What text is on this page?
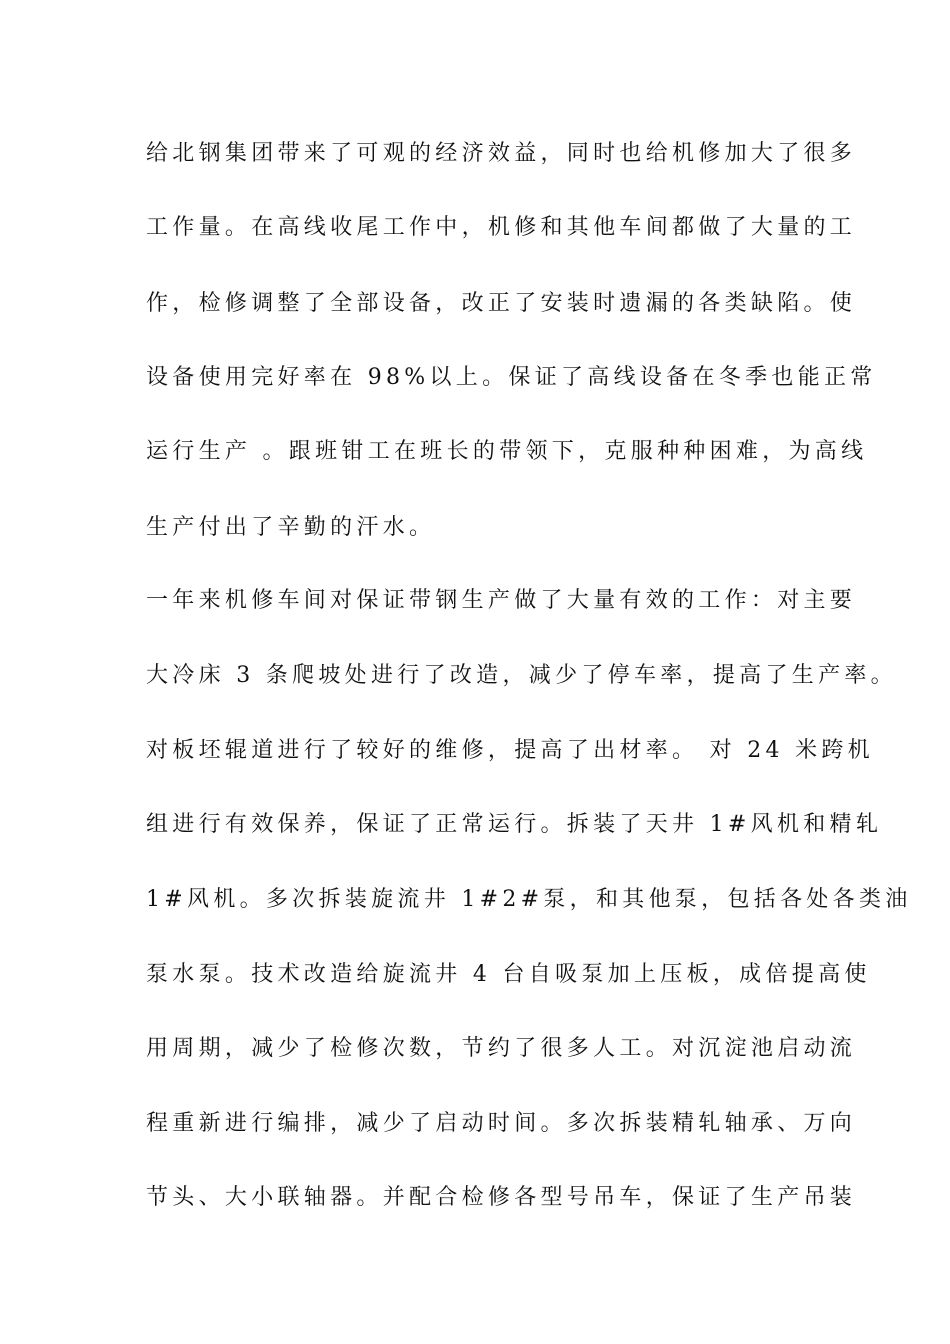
给北钢集团带来了可观的经济效益，同时也给机修加大了很多
工作量。在高线收尾工作中，机修和其他车间都做了大量的工
作，检修调整了全部设备，改正了安装时遗漏的各类缺陷。使
设备使用完好率在 98%以上。保证了高线设备在冬季也能正常
运行生产 。跟班钳工在班长的带领下，克服种种困难，为高线
生产付出了辛勤的汗水。
一年来机修车间对保证带钢生产做了大量有效的工作：对主要
大冷床 3 条爬坡处进行了改造，减少了停车率，提高了生产率。
对板坯辊道进行了较好的维修，提高了出材率。 对 24 米跨机
组进行有效保养，保证了正常运行。拆装了天井 1#风机和精轧
1#风机。多次拆装旋流井 1#2#泵，和其他泵，包括各处各类油
泵水泵。技术改造给旋流井 4 台自吸泵加上压板，成倍提高使
用周期，减少了检修次数，节约了很多人工。对沉淀池启动流
程重新进行编排，减少了启动时间。多次拆装精轧轴承、万向
节头、大小联轴器。并配合检修各型号吊车，保证了生产吊装
